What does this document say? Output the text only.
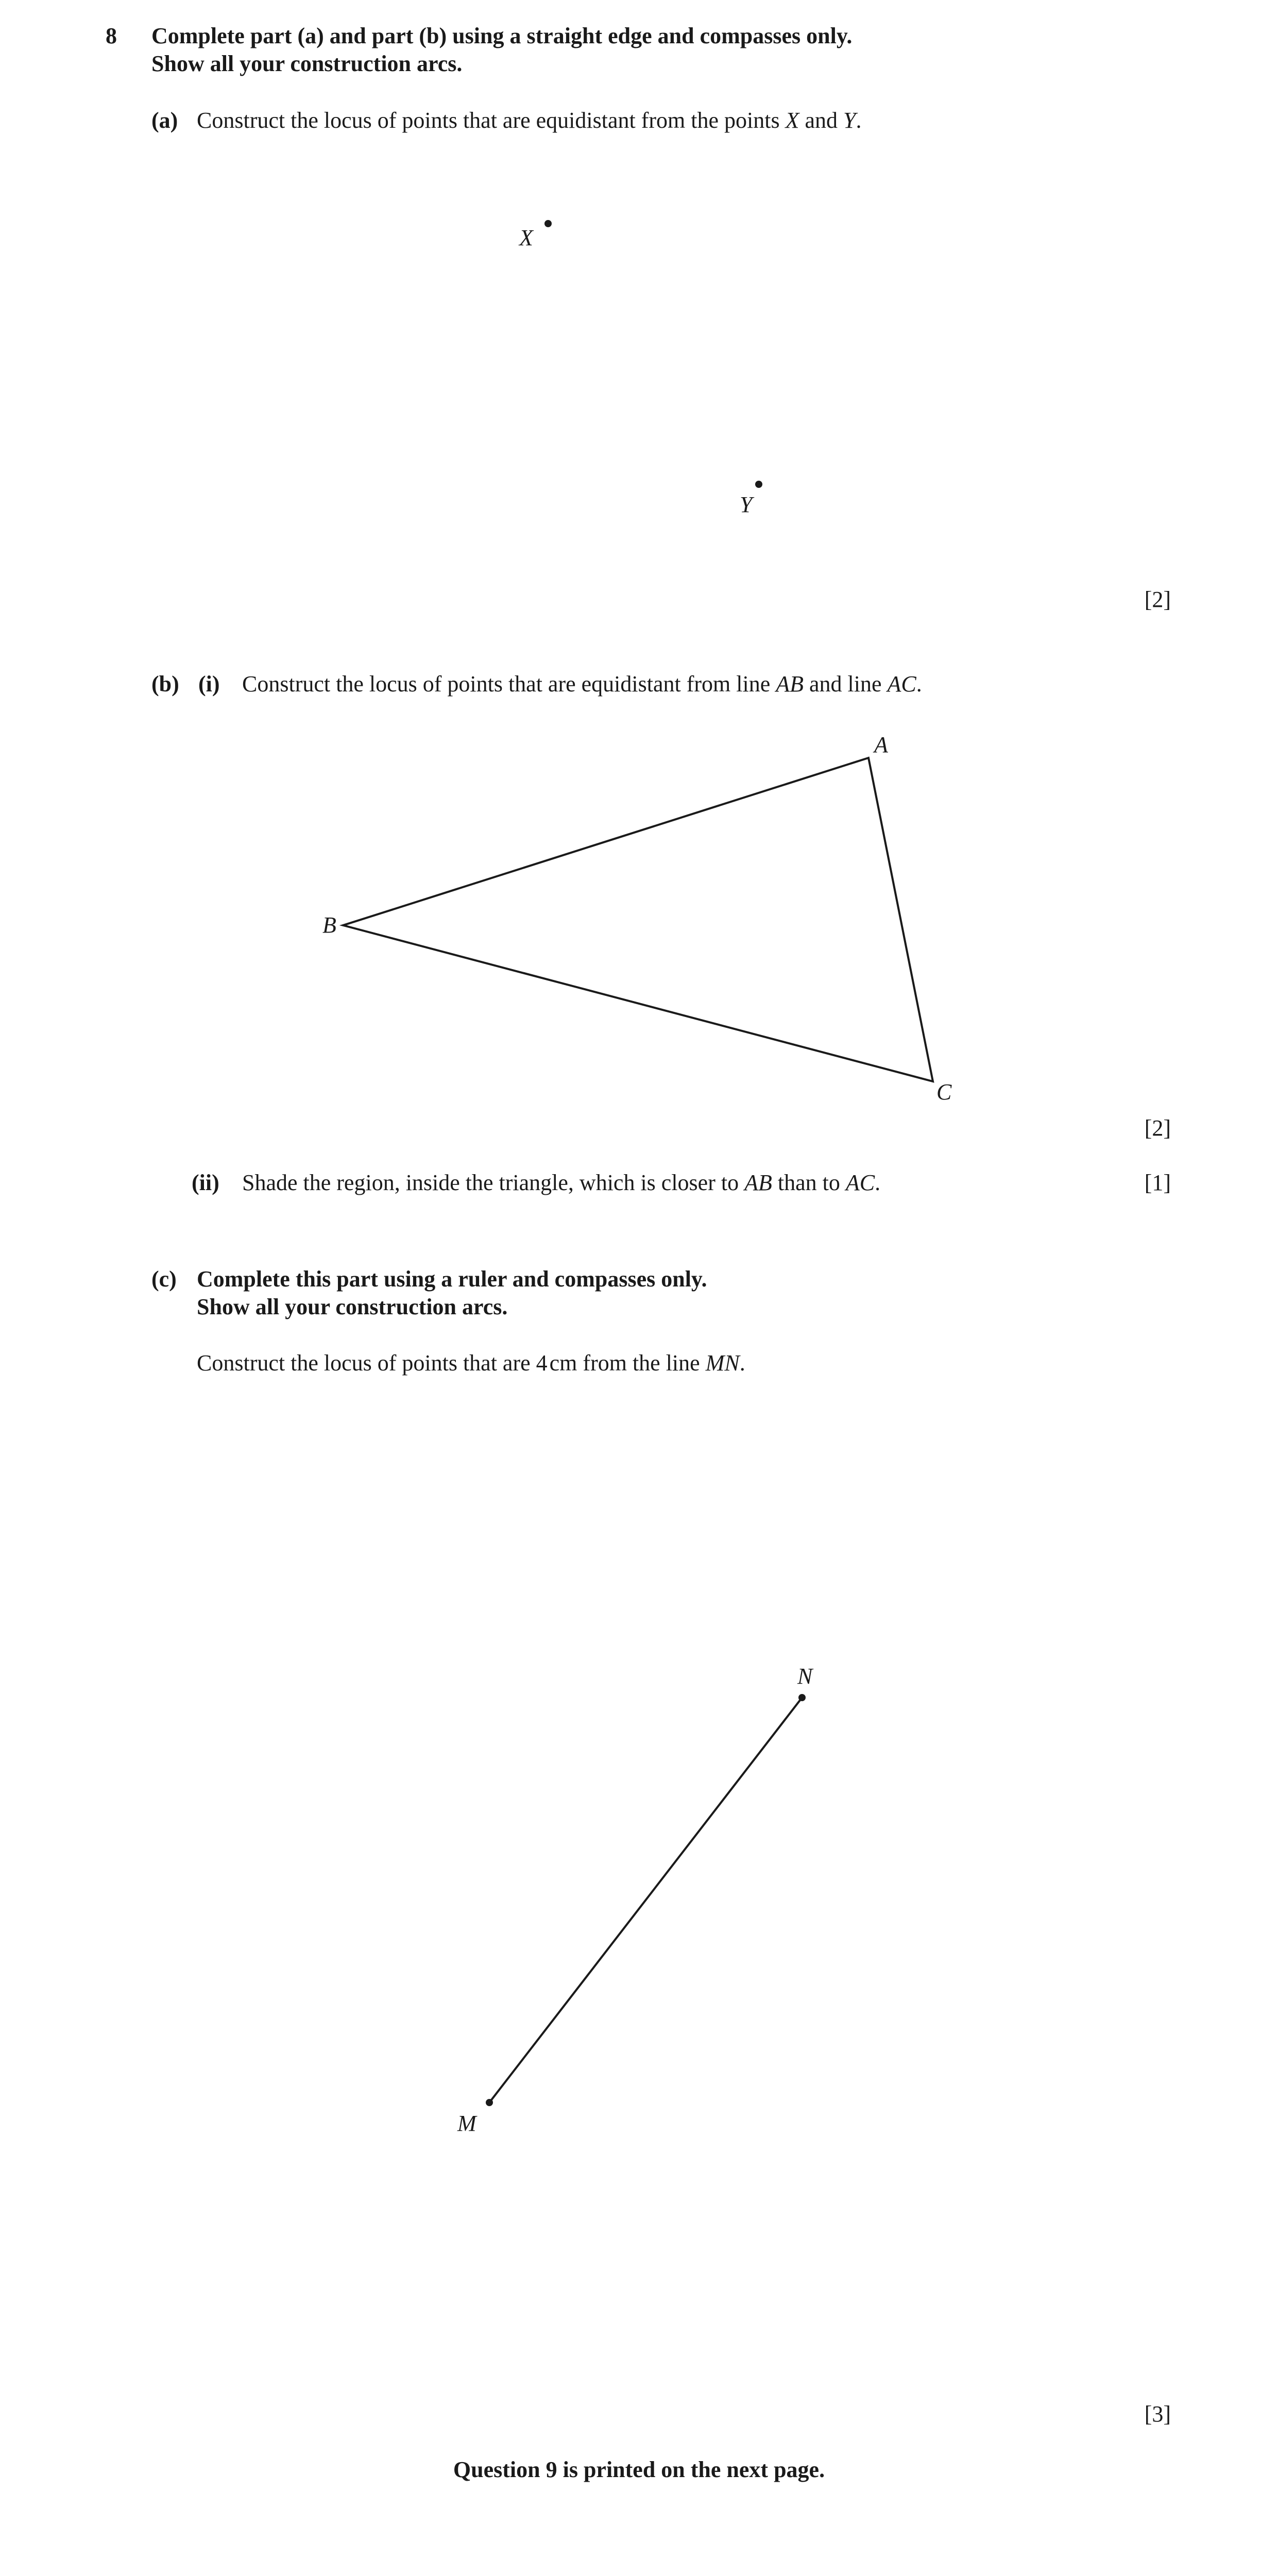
8 Complete part (a) and part (b) using a straight edge and compasses only.
Show all your construction arcs.
(a) Construct the locus of points that are equidistant from the points X and Y.
X
Y
[2]
(b) (i) Construct the locus of points that are equidistant from line AB and line AC.
A
B
C
[2]
(ii) Shade the region, inside the triangle, which is closer to AB than to AC.	[1]
(c) Complete this part using a ruler and compasses only.
Show all your construction arcs.
Construct the locus of points that are 4cm from the line MN.
N
M
[3]
Question 9 is printed on the next page.
